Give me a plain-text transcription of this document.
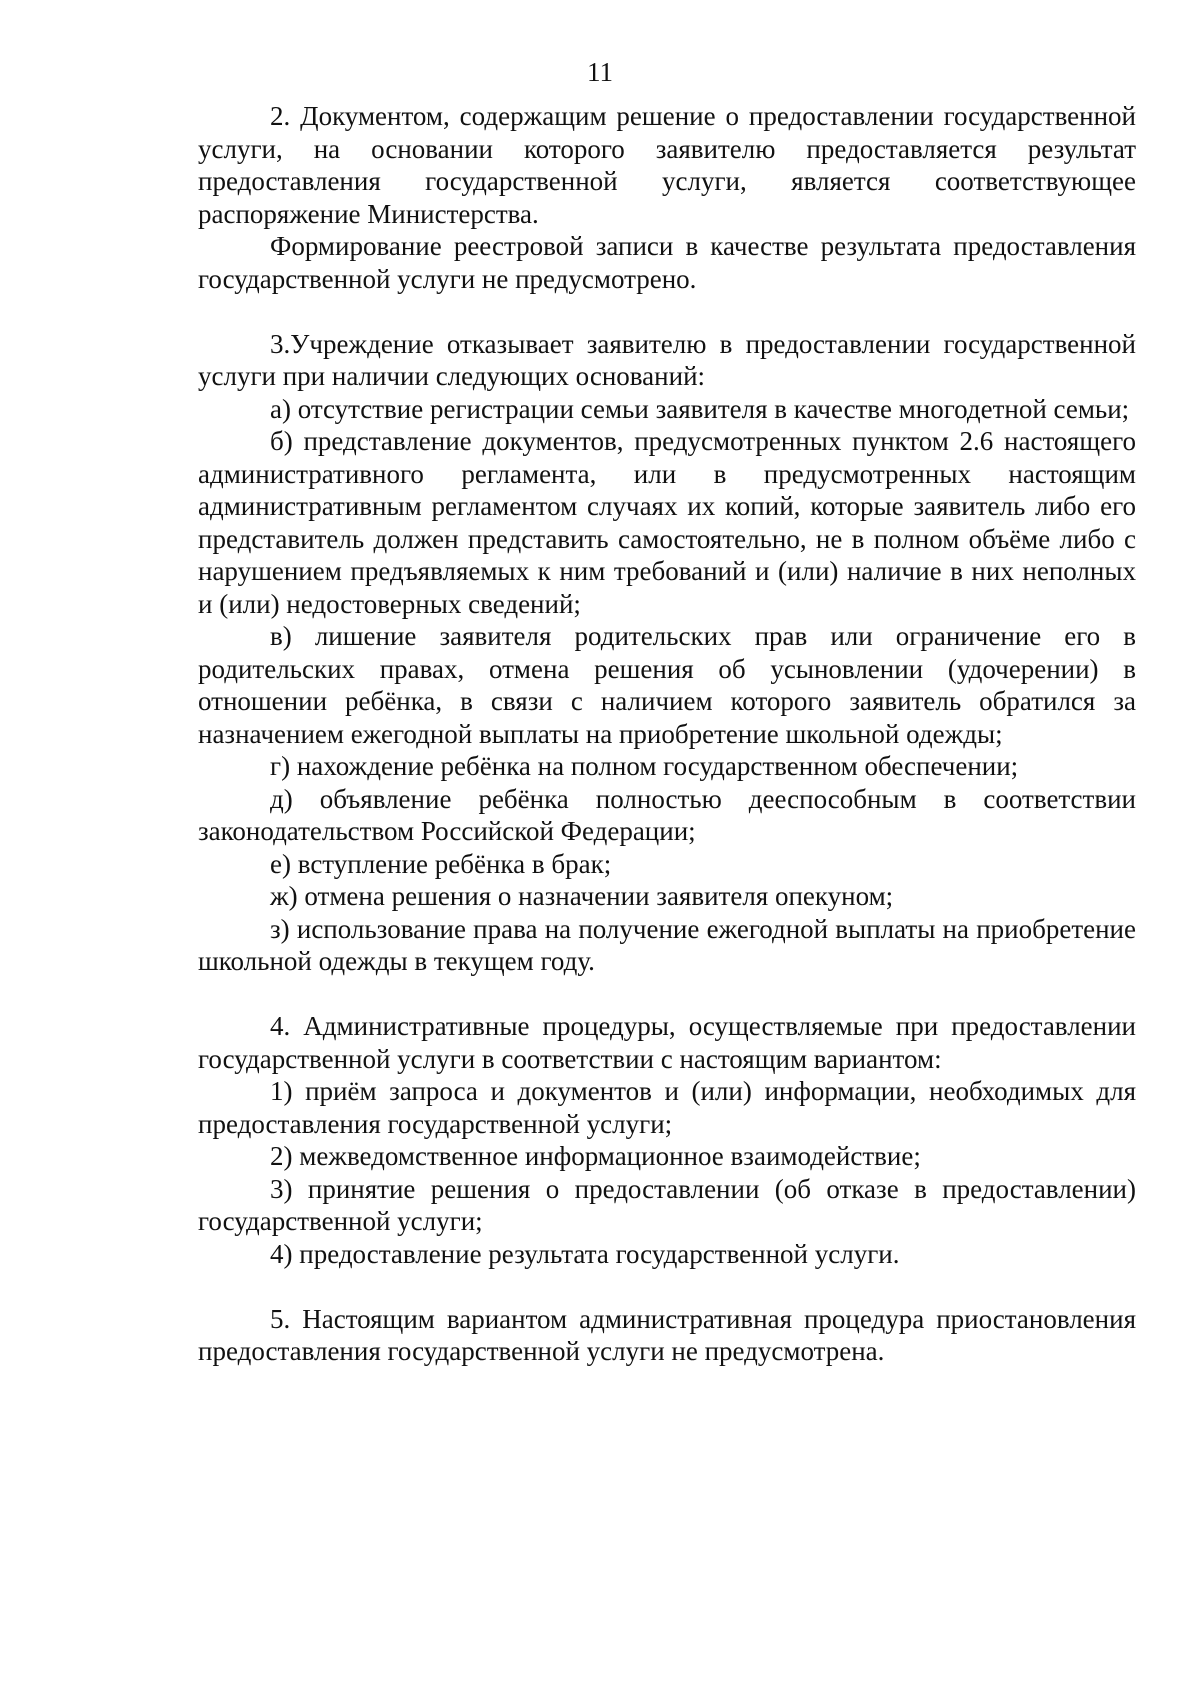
11

2. Документом, содержащим решение о предоставлении государственной услуги, на основании которого заявителю предоставляется результат предоставления государственной услуги, является соответствующее распоряжение Министерства.

Формирование реестровой записи в качестве результата предоставления государственной услуги не предусмотрено.

3.Учреждение отказывает заявителю в предоставлении государственной услуги при наличии следующих оснований:

а) отсутствие регистрации семьи заявителя в качестве многодетной семьи;

б) представление документов, предусмотренных пунктом 2.6 настоящего административного регламента, или в предусмотренных настоящим административным регламентом случаях их копий, которые заявитель либо его представитель должен представить самостоятельно, не в полном объёме либо с нарушением предъявляемых к ним требований и (или) наличие в них неполных и (или) недостоверных сведений;

в) лишение заявителя родительских прав или ограничение его в родительских правах, отмена решения об усыновлении (удочерении) в отношении ребёнка, в связи с наличием которого заявитель обратился за назначением ежегодной выплаты на приобретение школьной одежды;

г) нахождение ребёнка на полном государственном обеспечении;

д) объявление ребёнка полностью дееспособным в соответствии законодательством Российской Федерации;

е) вступление ребёнка в брак;

ж) отмена решения о назначении заявителя опекуном;

з) использование права на получение ежегодной выплаты на приобретение школьной одежды в текущем году.

4. Административные процедуры, осуществляемые при предоставлении государственной услуги в соответствии с настоящим вариантом:

1) приём запроса и документов и (или) информации, необходимых для предоставления государственной услуги;

2) межведомственное информационное взаимодействие;

3) принятие решения о предоставлении (об отказе в предоставлении) государственной услуги;

4) предоставление результата государственной услуги.

5. Настоящим вариантом административная процедура приостановления предоставления государственной услуги не предусмотрена.
